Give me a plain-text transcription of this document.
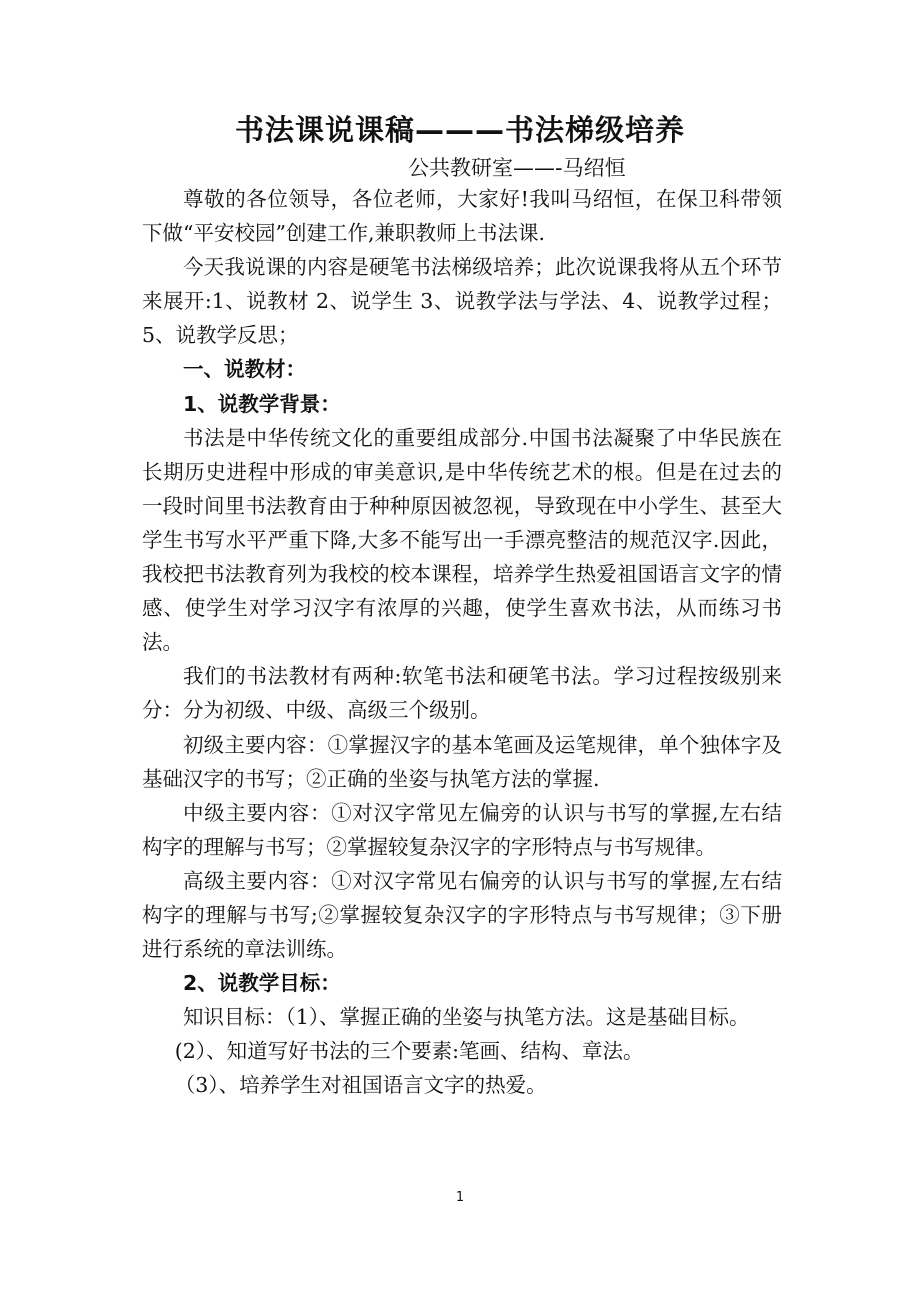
书法课说课稿———书法梯级培养
公共教研室——-马绍恒

尊敬的各位领导，各位老师，大家好!我叫马绍恒，在保卫科带领下做“平安校园”创建工作,兼职教师上书法课.

今天我说课的内容是硬笔书法梯级培养；此次说课我将从五个环节来展开:1、说教材 2、说学生 3、说教学法与学法、4、说教学过程；5、说教学反思；

一、说教材：

1、说教学背景：

书法是中华传统文化的重要组成部分.中国书法凝聚了中华民族在长期历史进程中形成的审美意识,是中华传统艺术的根。但是在过去的一段时间里书法教育由于种种原因被忽视，导致现在中小学生、甚至大学生书写水平严重下降,大多不能写出一手漂亮整洁的规范汉字.因此，我校把书法教育列为我校的校本课程，培养学生热爱祖国语言文字的情感、使学生对学习汉字有浓厚的兴趣，使学生喜欢书法，从而练习书法。

我们的书法教材有两种:软笔书法和硬笔书法。学习过程按级别来分：分为初级、中级、高级三个级别。

初级主要内容：①掌握汉字的基本笔画及运笔规律，单个独体字及基础汉字的书写；②正确的坐姿与执笔方法的掌握.

中级主要内容：①对汉字常见左偏旁的认识与书写的掌握,左右结构字的理解与书写；②掌握较复杂汉字的字形特点与书写规律。

高级主要内容：①对汉字常见右偏旁的认识与书写的掌握,左右结构字的理解与书写;②掌握较复杂汉字的字形特点与书写规律；③下册进行系统的章法训练。

2、说教学目标：

知识目标：（1）、掌握正确的坐姿与执笔方法。这是基础目标。

(2）、知道写好书法的三个要素:笔画、结构、章法。

（3）、培养学生对祖国语言文字的热爱。

1
